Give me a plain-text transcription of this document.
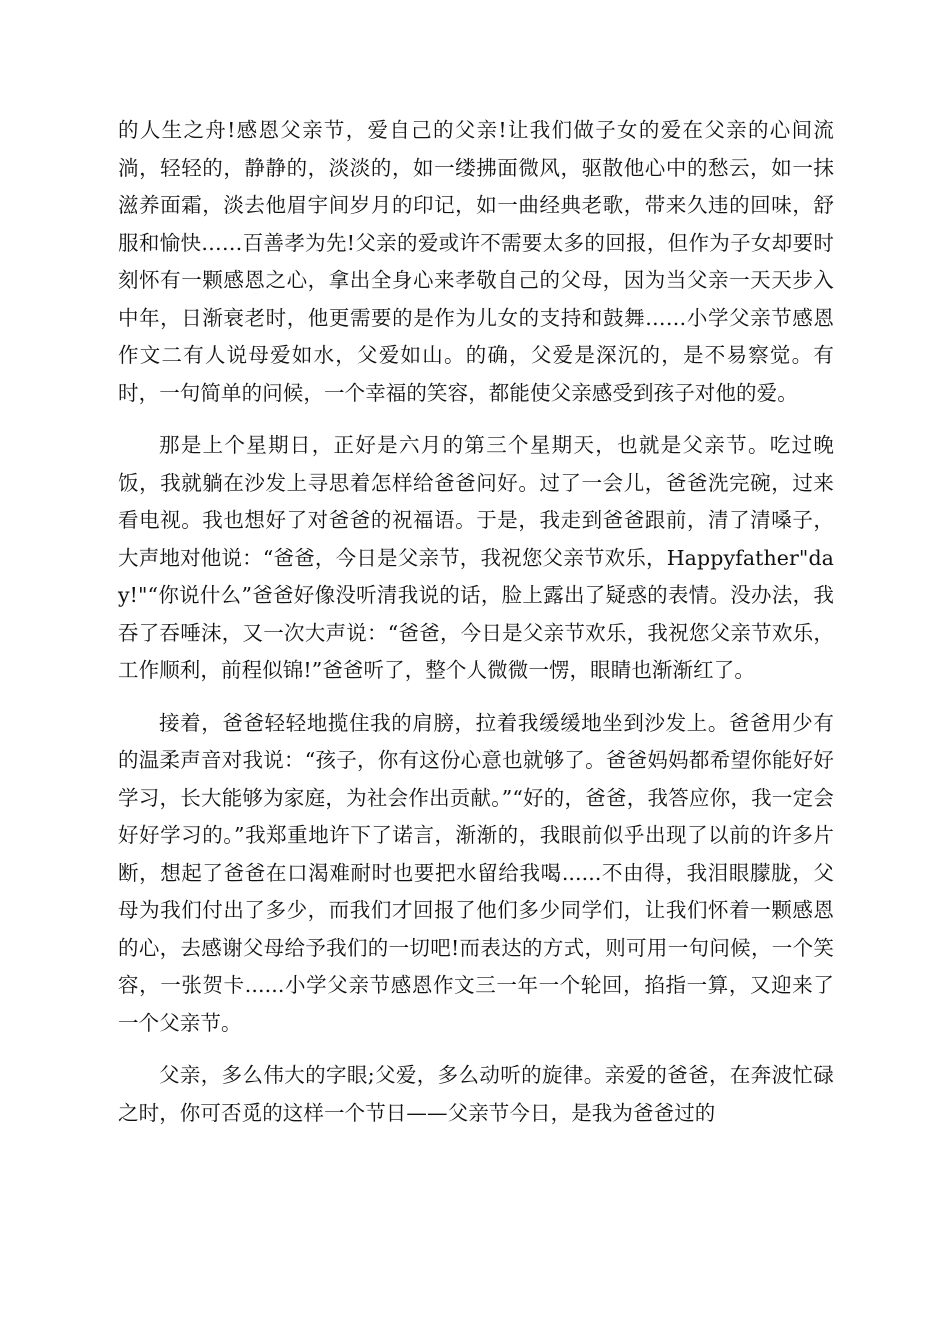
的人生之舟!感恩父亲节，爱自己的父亲!让我们做子女的爱在父亲的心间流淌，轻轻的，静静的，淡淡的，如一缕拂面微风，驱散他心中的愁云，如一抹滋养面霜，淡去他眉宇间岁月的印记，如一曲经典老歌，带来久违的回味，舒服和愉快……百善孝为先!父亲的爱或许不需要太多的回报，但作为子女却要时刻怀有一颗感恩之心，拿出全身心来孝敬自己的父母，因为当父亲一天天步入中年，日渐衰老时，他更需要的是作为儿女的支持和鼓舞……小学父亲节感恩作文二有人说母爱如水，父爱如山。的确，父爱是深沉的，是不易察觉。有时，一句简单的问候，一个幸福的笑容，都能使父亲感受到孩子对他的爱。

那是上个星期日，正好是六月的第三个星期天，也就是父亲节。吃过晚饭，我就躺在沙发上寻思着怎样给爸爸问好。过了一会儿，爸爸洗完碗，过来看电视。我也想好了对爸爸的祝福语。于是，我走到爸爸跟前，清了清嗓子，大声地对他说：“爸爸，今日是父亲节，我祝您父亲节欢乐，Happyfather"day!"“你说什么”爸爸好像没听清我说的话，脸上露出了疑惑的表情。没办法，我吞了吞唾沫，又一次大声说：“爸爸，今日是父亲节欢乐，我祝您父亲节欢乐，工作顺利，前程似锦!”爸爸听了，整个人微微一愣，眼睛也渐渐红了。

接着，爸爸轻轻地揽住我的肩膀，拉着我缓缓地坐到沙发上。爸爸用少有的温柔声音对我说：“孩子，你有这份心意也就够了。爸爸妈妈都希望你能好好学习，长大能够为家庭，为社会作出贡献。”“好的，爸爸，我答应你，我一定会好好学习的。”我郑重地许下了诺言，渐渐的，我眼前似乎出现了以前的许多片断，想起了爸爸在口渴难耐时也要把水留给我喝......不由得，我泪眼朦胧，父母为我们付出了多少，而我们才回报了他们多少同学们，让我们怀着一颗感恩的心，去感谢父母给予我们的一切吧!而表达的方式，则可用一句问候，一个笑容，一张贺卡......小学父亲节感恩作文三一年一个轮回，掐指一算，又迎来了一个父亲节。

父亲，多么伟大的字眼;父爱，多么动听的旋律。亲爱的爸爸，在奔波忙碌之时，你可否觅的这样一个节日——父亲节今日，是我为爸爸过的
